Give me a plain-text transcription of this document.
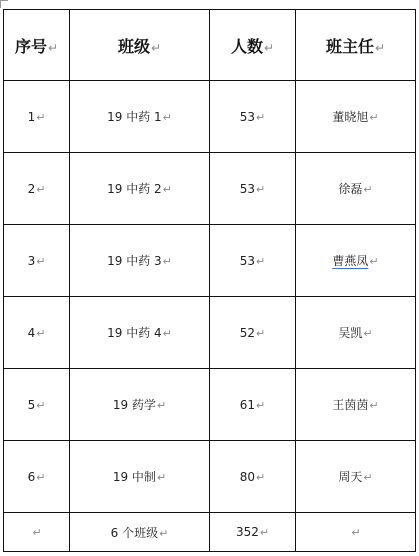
序号↵	班级↵	人数↵	班主任↵
1↵	19 中药 1↵	53↵	董晓旭↵
2↵	19 中药 2↵	53↵	徐磊↵
3↵	19 中药 3↵	53↵	曹燕凤↵
4↵	19 中药 4↵	52↵	吴凯↵
5↵	19 药学↵	61↵	王茵茵↵
6↵	19 中制↵	80↵	周天↵
↵	6 个班级↵	352↵	↵
